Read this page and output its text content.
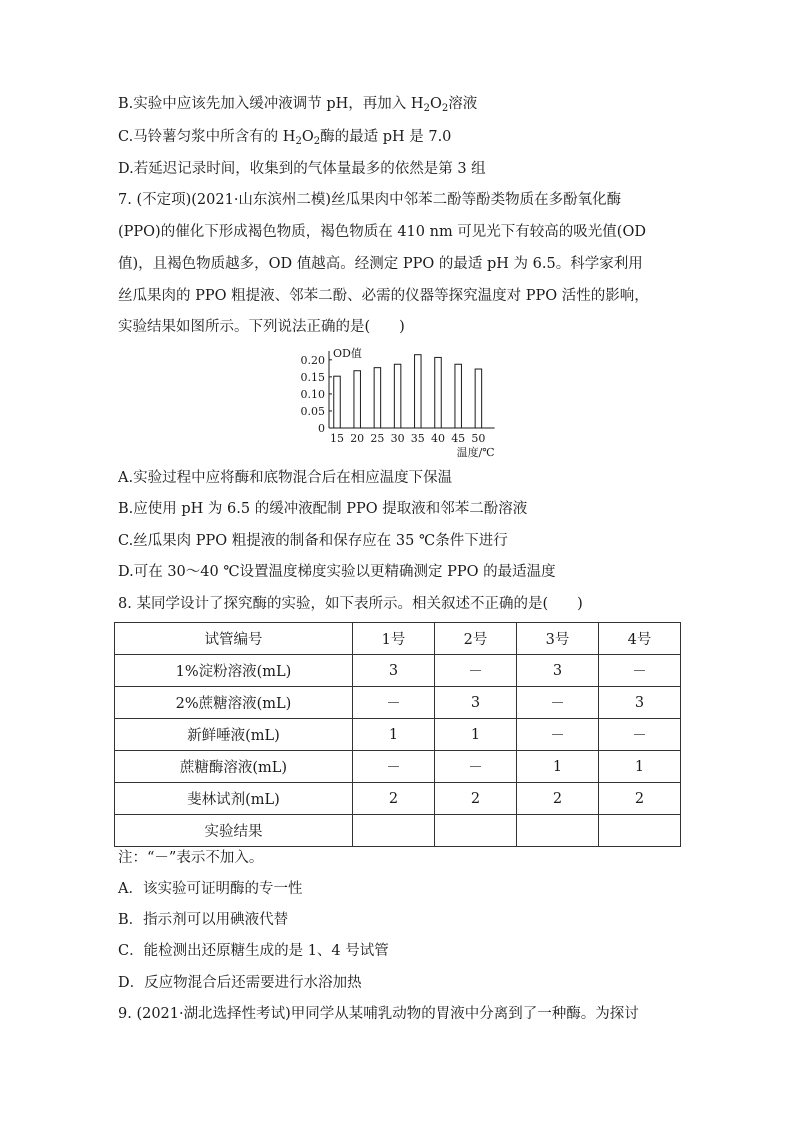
B.实验中应该先加入缓冲液调节 pH，再加入 $H_2O_2$溶液
C.马铃薯匀浆中所含有的 $H_2O_2$酶的最适 pH 是 7.0
D.若延迟记录时间，收集到的气体量最多的依然是第 3 组
7. (不定项)(2021·山东滨州二模)丝瓜果肉中邻苯二酚等酚类物质在多酚氧化酶
(PPO)的催化下形成褐色物质，褐色物质在 410 nm 可见光下有较高的吸光值(OD
值)，且褐色物质越多，OD 值越高。经测定 PPO 的最适 pH 为 6.5。科学家利用
丝瓜果肉的 PPO 粗提液、邻苯二酚、必需的仪器等探究温度对 PPO 活性的影响，
实验结果如图所示。下列说法正确的是(　　)
0.20
0.15
0.10
0.05
0
OD值
15 20 25 30 35 40 45 50
温度/℃
A.实验过程中应将酶和底物混合后在相应温度下保温
B.应使用 pH 为 6.5 的缓冲液配制 PPO 提取液和邻苯二酚溶液
C.丝瓜果肉 PPO 粗提液的制备和保存应在 35 ℃条件下进行
D.可在 30～40 ℃设置温度梯度实验以更精确测定 PPO 的最适温度
8. 某同学设计了探究酶的实验，如下表所示。相关叙述不正确的是(　　)
试管编号	1号	2号	3号	4号
1%淀粉溶液(mL)	3	－	3	－
2%蔗糖溶液(mL)	－	3	－	3
新鲜唾液(mL)	1	1	－	－
蔗糖酶溶液(mL)	－	－	1	1
斐林试剂(mL)	2	2	2	2
实验结果				
注：“－”表示不加入。
A．该实验可证明酶的专一性
B．指示剂可以用碘液代替
C．能检测出还原糖生成的是 1、4 号试管
D．反应物混合后还需要进行水浴加热
9. (2021·湖北选择性考试)甲同学从某哺乳动物的胃液中分离到了一种酶。为探讨
